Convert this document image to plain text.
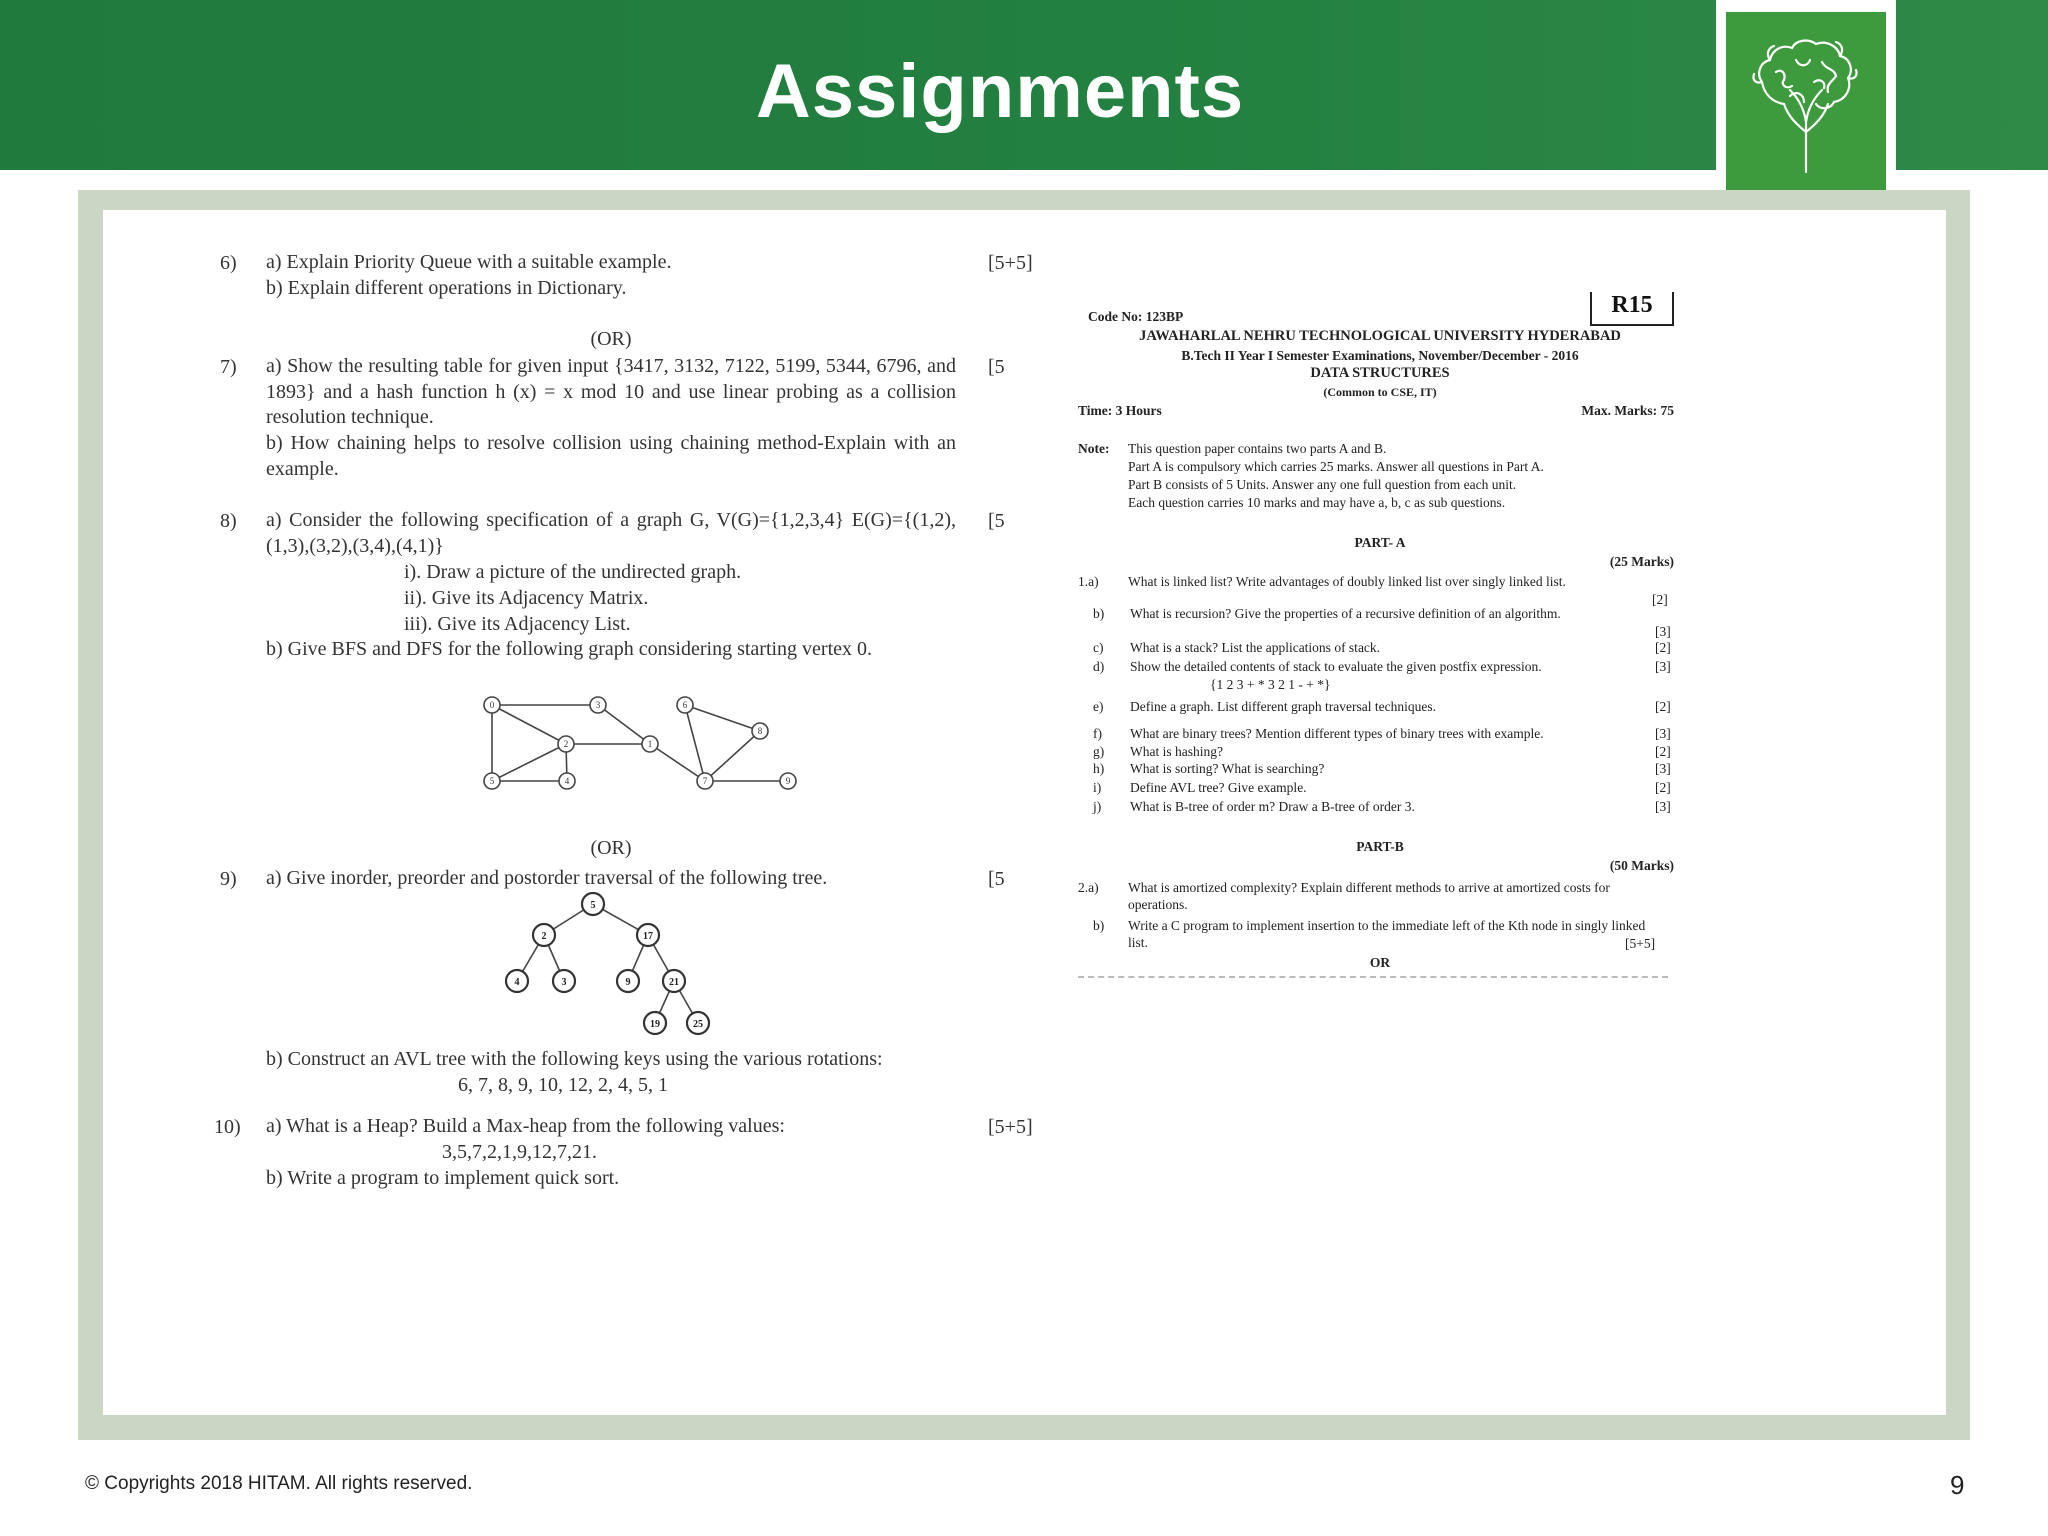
Assignments
6) a) Explain Priority Queue with a suitable example.
b) Explain different operations in Dictionary.
[5+5]
(OR)
7) a) Show the resulting table for given input {3417, 3132, 7122, 5199, 5344, 6796, and 1893} and a hash function h (x) = x mod 10 and use linear probing as a collision resolution technique.
b) How chaining helps to resolve collision using chaining method-Explain with an example.
[5
8) a) Consider the following specification of a graph G, V(G)={1,2,3,4} E(G)={(1,2),(1,3),(3,2),(3,4),(4,1)}
i). Draw a picture of the undirected graph.
ii). Give its Adjacency Matrix.
iii). Give its Adjacency List.
b) Give BFS and DFS for the following graph considering starting vertex 0.
[5
0	3	6
2	1
8
5	4	7	9
(OR)
9) a) Give inorder, preorder and postorder traversal of the following tree.	[5
5
2	17
4	3	9	21
19	25
b) Construct an AVL tree with the following keys using the various rotations:
6, 7, 8, 9, 10, 12, 2, 4, 5, 1
10) a) What is a Heap? Build a Max-heap from the following values:
3,5,7,2,1,9,12,7,21.
b) Write a program to implement quick sort.
[5+5]
R15
Code No: 123BP
JAWAHARLAL NEHRU TECHNOLOGICAL UNIVERSITY HYDERABAD
B.Tech II Year I Semester Examinations, November/December - 2016
DATA STRUCTURES
(Common to CSE, IT)
Time: 3 Hours	Max. Marks: 75
Note: This question paper contains two parts A and B.
Part A is compulsory which carries 25 marks. Answer all questions in Part A.
Part B consists of 5 Units. Answer any one full question from each unit.
Each question carries 10 marks and may have a, b, c as sub questions.
PART- A
(25 Marks)
1.a) What is linked list? Write advantages of doubly linked list over singly linked list.
[2]
b) What is recursion? Give the properties of a recursive definition of an algorithm.
[3]
c) What is a stack? List the applications of stack.	[2]
d) Show the detailed contents of stack to evaluate the given postfix expression.	[3]
{1 2 3 + * 3 2 1 - + *}
e) Define a graph. List different graph traversal techniques.	[2]
f) What are binary trees? Mention different types of binary trees with example.	[3]
g) What is hashing?	[2]
h) What is sorting? What is searching?	[3]
i) Define AVL tree? Give example.	[2]
j) What is B-tree of order m? Draw a B-tree of order 3.	[3]
PART-B
(50 Marks)
2.a) What is amortized complexity? Explain different methods to arrive at amortized costs for operations.
b) Write a C program to implement insertion to the immediate left of the Kth node in singly linked list.	[5+5]
OR
© Copyrights 2018 HITAM. All rights reserved.	9
